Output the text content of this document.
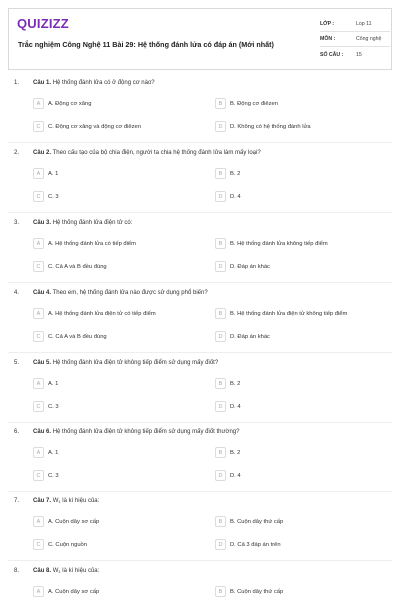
QUIZIZZ
Trắc nghiệm Công Nghệ 11 Bài 29: Hệ thống đánh lửa có đáp án (Mới nhất)
LỚP :	Lop 11
MÔN :	Công nghệ
SỐ CÂU :	15
1. Câu 1. Hệ thống đánh lửa có ở động cơ nào?
A	A. Động cơ xăng	B	B. Động cơ điêzen
C	C. Động cơ xăng và động cơ điêzen	D	D. Không có hệ thống đánh lửa
2. Câu 2. Theo cấu tạo của bộ chia điện, người ta chia hệ thống đánh lửa làm mấy loại?
A	A. 1	B	B. 2
C	C. 3	D	D. 4
3. Câu 3. Hệ thống đánh lửa điện tử có:
A	A. Hệ thống đánh lửa có tiếp điểm	B	B. Hệ thống đánh lửa không tiếp điểm
C	C. Cả A và B đều đúng	D	D. Đáp án khác
4. Câu 4. Theo em, hệ thống đánh lửa nào được sử dụng phổ biến?
A	A. Hệ thống đánh lửa điện tử có tiếp điểm	B	B. Hệ thống đánh lửa điện tử không tiếp điểm
C	C. Cả A và B đều đúng	D	D. Đáp án khác
5. Câu 5. Hệ thống đánh lửa điện tử không tiếp điểm sử dụng mấy điốt?
A	A. 1	B	B. 2
C	C. 3	D	D. 4
6. Câu 6. Hệ thống đánh lửa điện tử không tiếp điểm sử dụng mấy điốt thường?
A	A. 1	B	B. 2
C	C. 3	D	D. 4
7. Câu 7. $W_1$ là kí hiệu của:
A	A. Cuộn dây sơ cấp	B	B. Cuộn dây thứ cấp
C	C. Cuộn nguồn	D	D. Cả 3 đáp án trên
8. Câu 8. $W_1$ là kí hiệu của:
A	A. Cuộn dây sơ cấp	B	B. Cuộn dây thứ cấp
